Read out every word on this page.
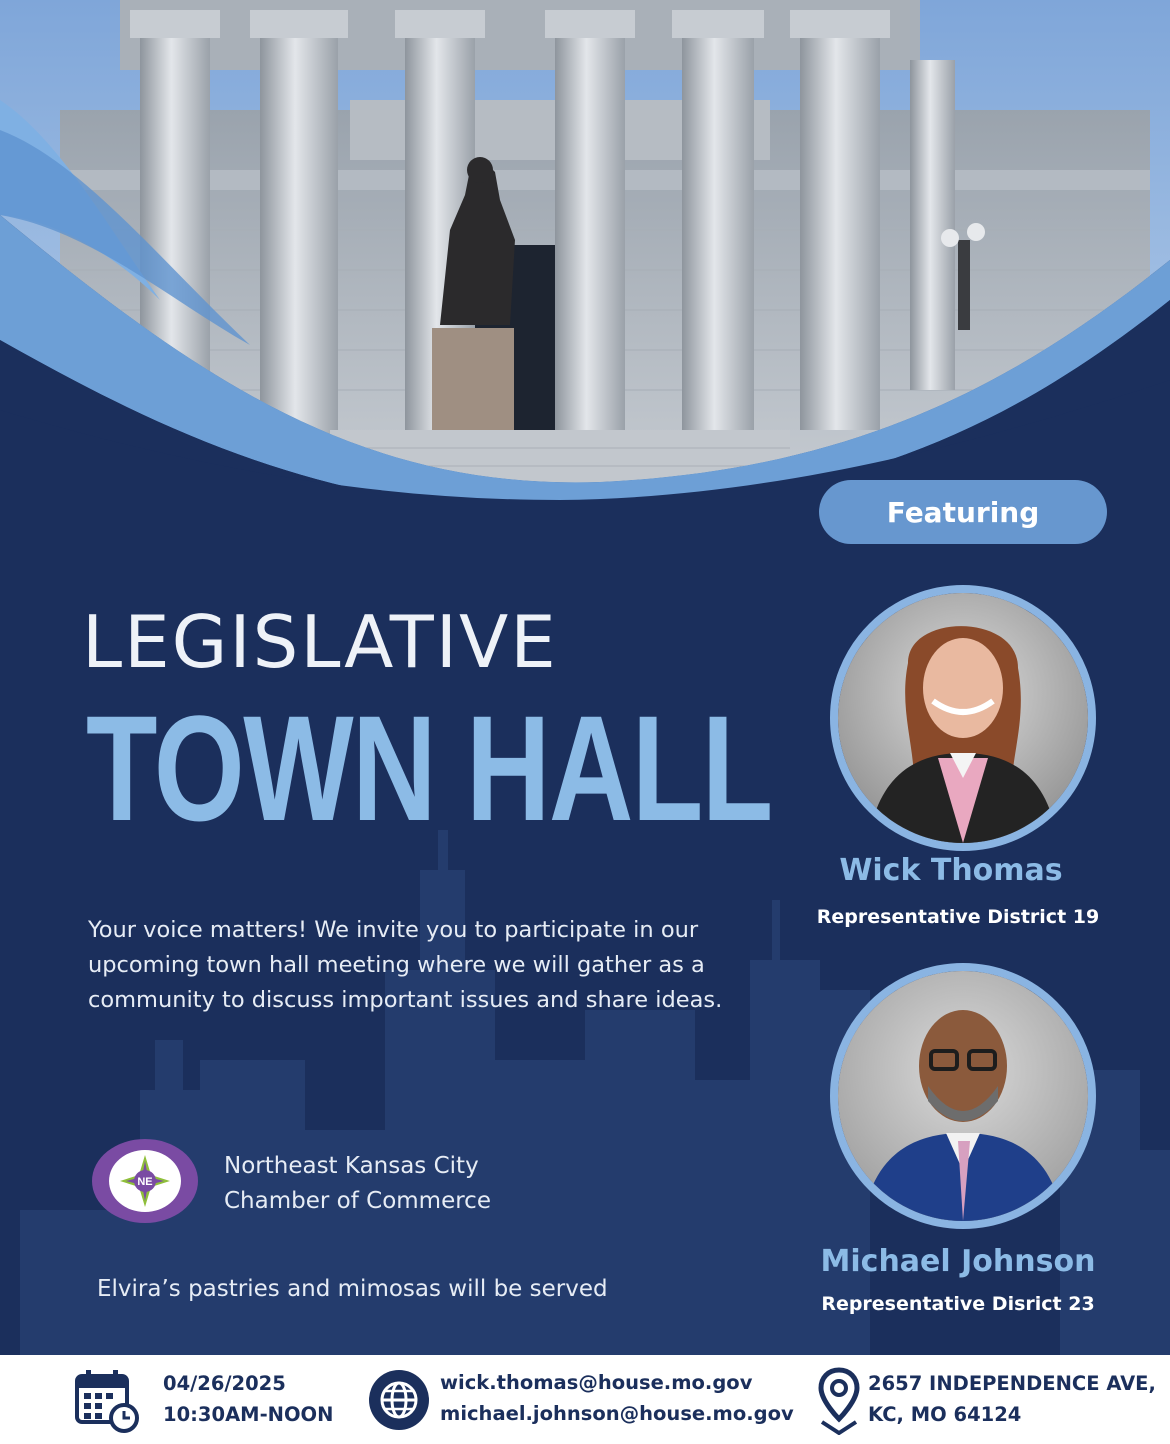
LEGISLATIVE
TOWN HALL
Your voice matters! We invite you to participate in our upcoming town hall meeting where we will gather as a community to discuss important issues and share ideas.
Featuring
Wick Thomas
Representative District 19
Michael Johnson
Representative Disrict 23
NE
Northeast Kansas City
Chamber of Commerce
Elvira’s pastries and mimosas will be served
04/26/2025
10:30AM-NOON
wick.thomas@house.mo.gov
michael.johnson@house.mo.gov
2657 INDEPENDENCE AVE,
KC, MO 64124
